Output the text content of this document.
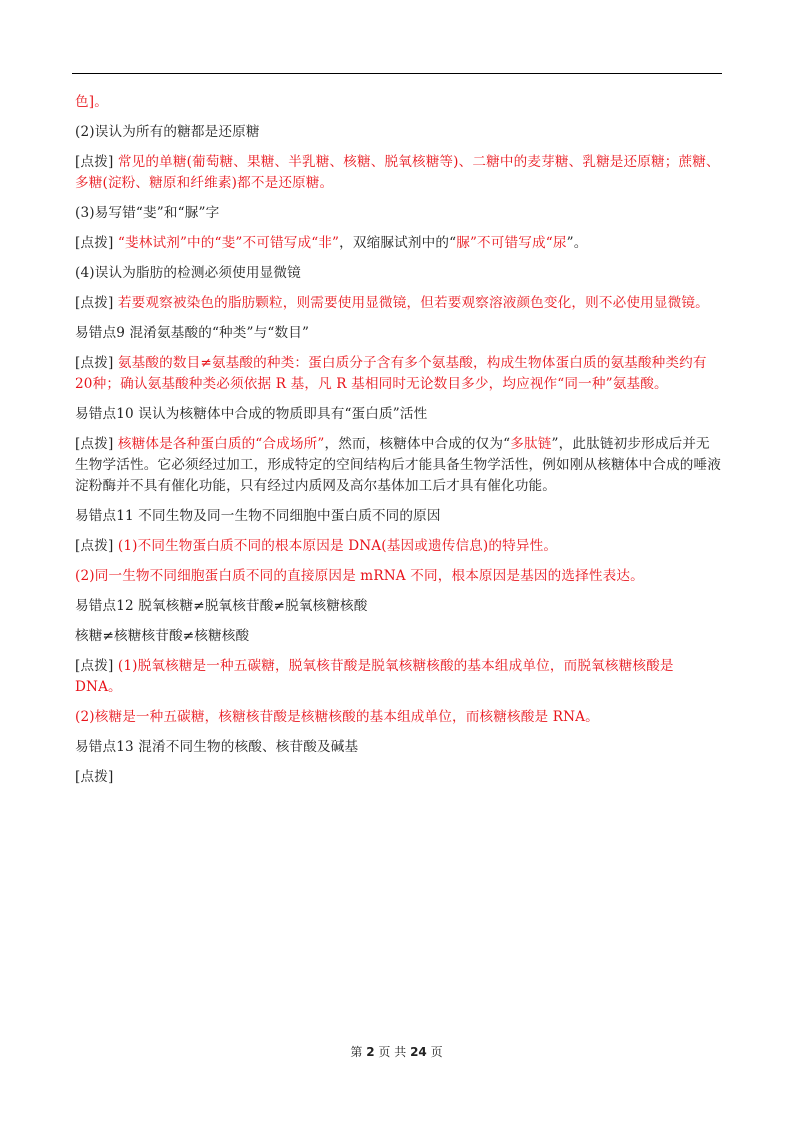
色]。

(2)误认为所有的糖都是还原糖

[点拨] 常见的单糖(葡萄糖、果糖、半乳糖、核糖、脱氧核糖等)、二糖中的麦芽糖、乳糖是还原糖；蔗糖、多糖(淀粉、糖原和纤维素)都不是还原糖。

(3)易写错“斐”和“脲”字

[点拨] “斐林试剂”中的“斐”不可错写成“非”，双缩脲试剂中的“脲”不可错写成“尿”。

(4)误认为脂肪的检测必须使用显微镜

[点拨] 若要观察被染色的脂肪颗粒，则需要使用显微镜，但若要观察溶液颜色变化，则不必使用显微镜。

易错点9 混淆氨基酸的“种类”与“数目”

[点拨] 氨基酸的数目≠氨基酸的种类：蛋白质分子含有多个氨基酸，构成生物体蛋白质的氨基酸种类约有20种；确认氨基酸种类必须依据 R 基，凡 R 基相同时无论数目多少，均应视作“同一种”氨基酸。

易错点10 误认为核糖体中合成的物质即具有“蛋白质”活性

[点拨] 核糖体是各种蛋白质的“合成场所”，然而，核糖体中合成的仅为“多肽链”，此肽链初步形成后并无生物学活性。它必须经过加工，形成特定的空间结构后才能具备生物学活性，例如刚从核糖体中合成的唾液淀粉酶并不具有催化功能，只有经过内质网及高尔基体加工后才具有催化功能。

易错点11 不同生物及同一生物不同细胞中蛋白质不同的原因

[点拨] (1)不同生物蛋白质不同的根本原因是 DNA(基因或遗传信息)的特异性。

(2)同一生物不同细胞蛋白质不同的直接原因是 mRNA 不同，根本原因是基因的选择性表达。

易错点12 脱氧核糖≠脱氧核苷酸≠脱氧核糖核酸

核糖≠核糖核苷酸≠核糖核酸

[点拨] (1)脱氧核糖是一种五碳糖，脱氧核苷酸是脱氧核糖核酸的基本组成单位，而脱氧核糖核酸是 DNA。

(2)核糖是一种五碳糖，核糖核苷酸是核糖核酸的基本组成单位，而核糖核酸是 RNA。

易错点13 混淆不同生物的核酸、核苷酸及碱基

[点拨]

第 2 页 共 24 页
